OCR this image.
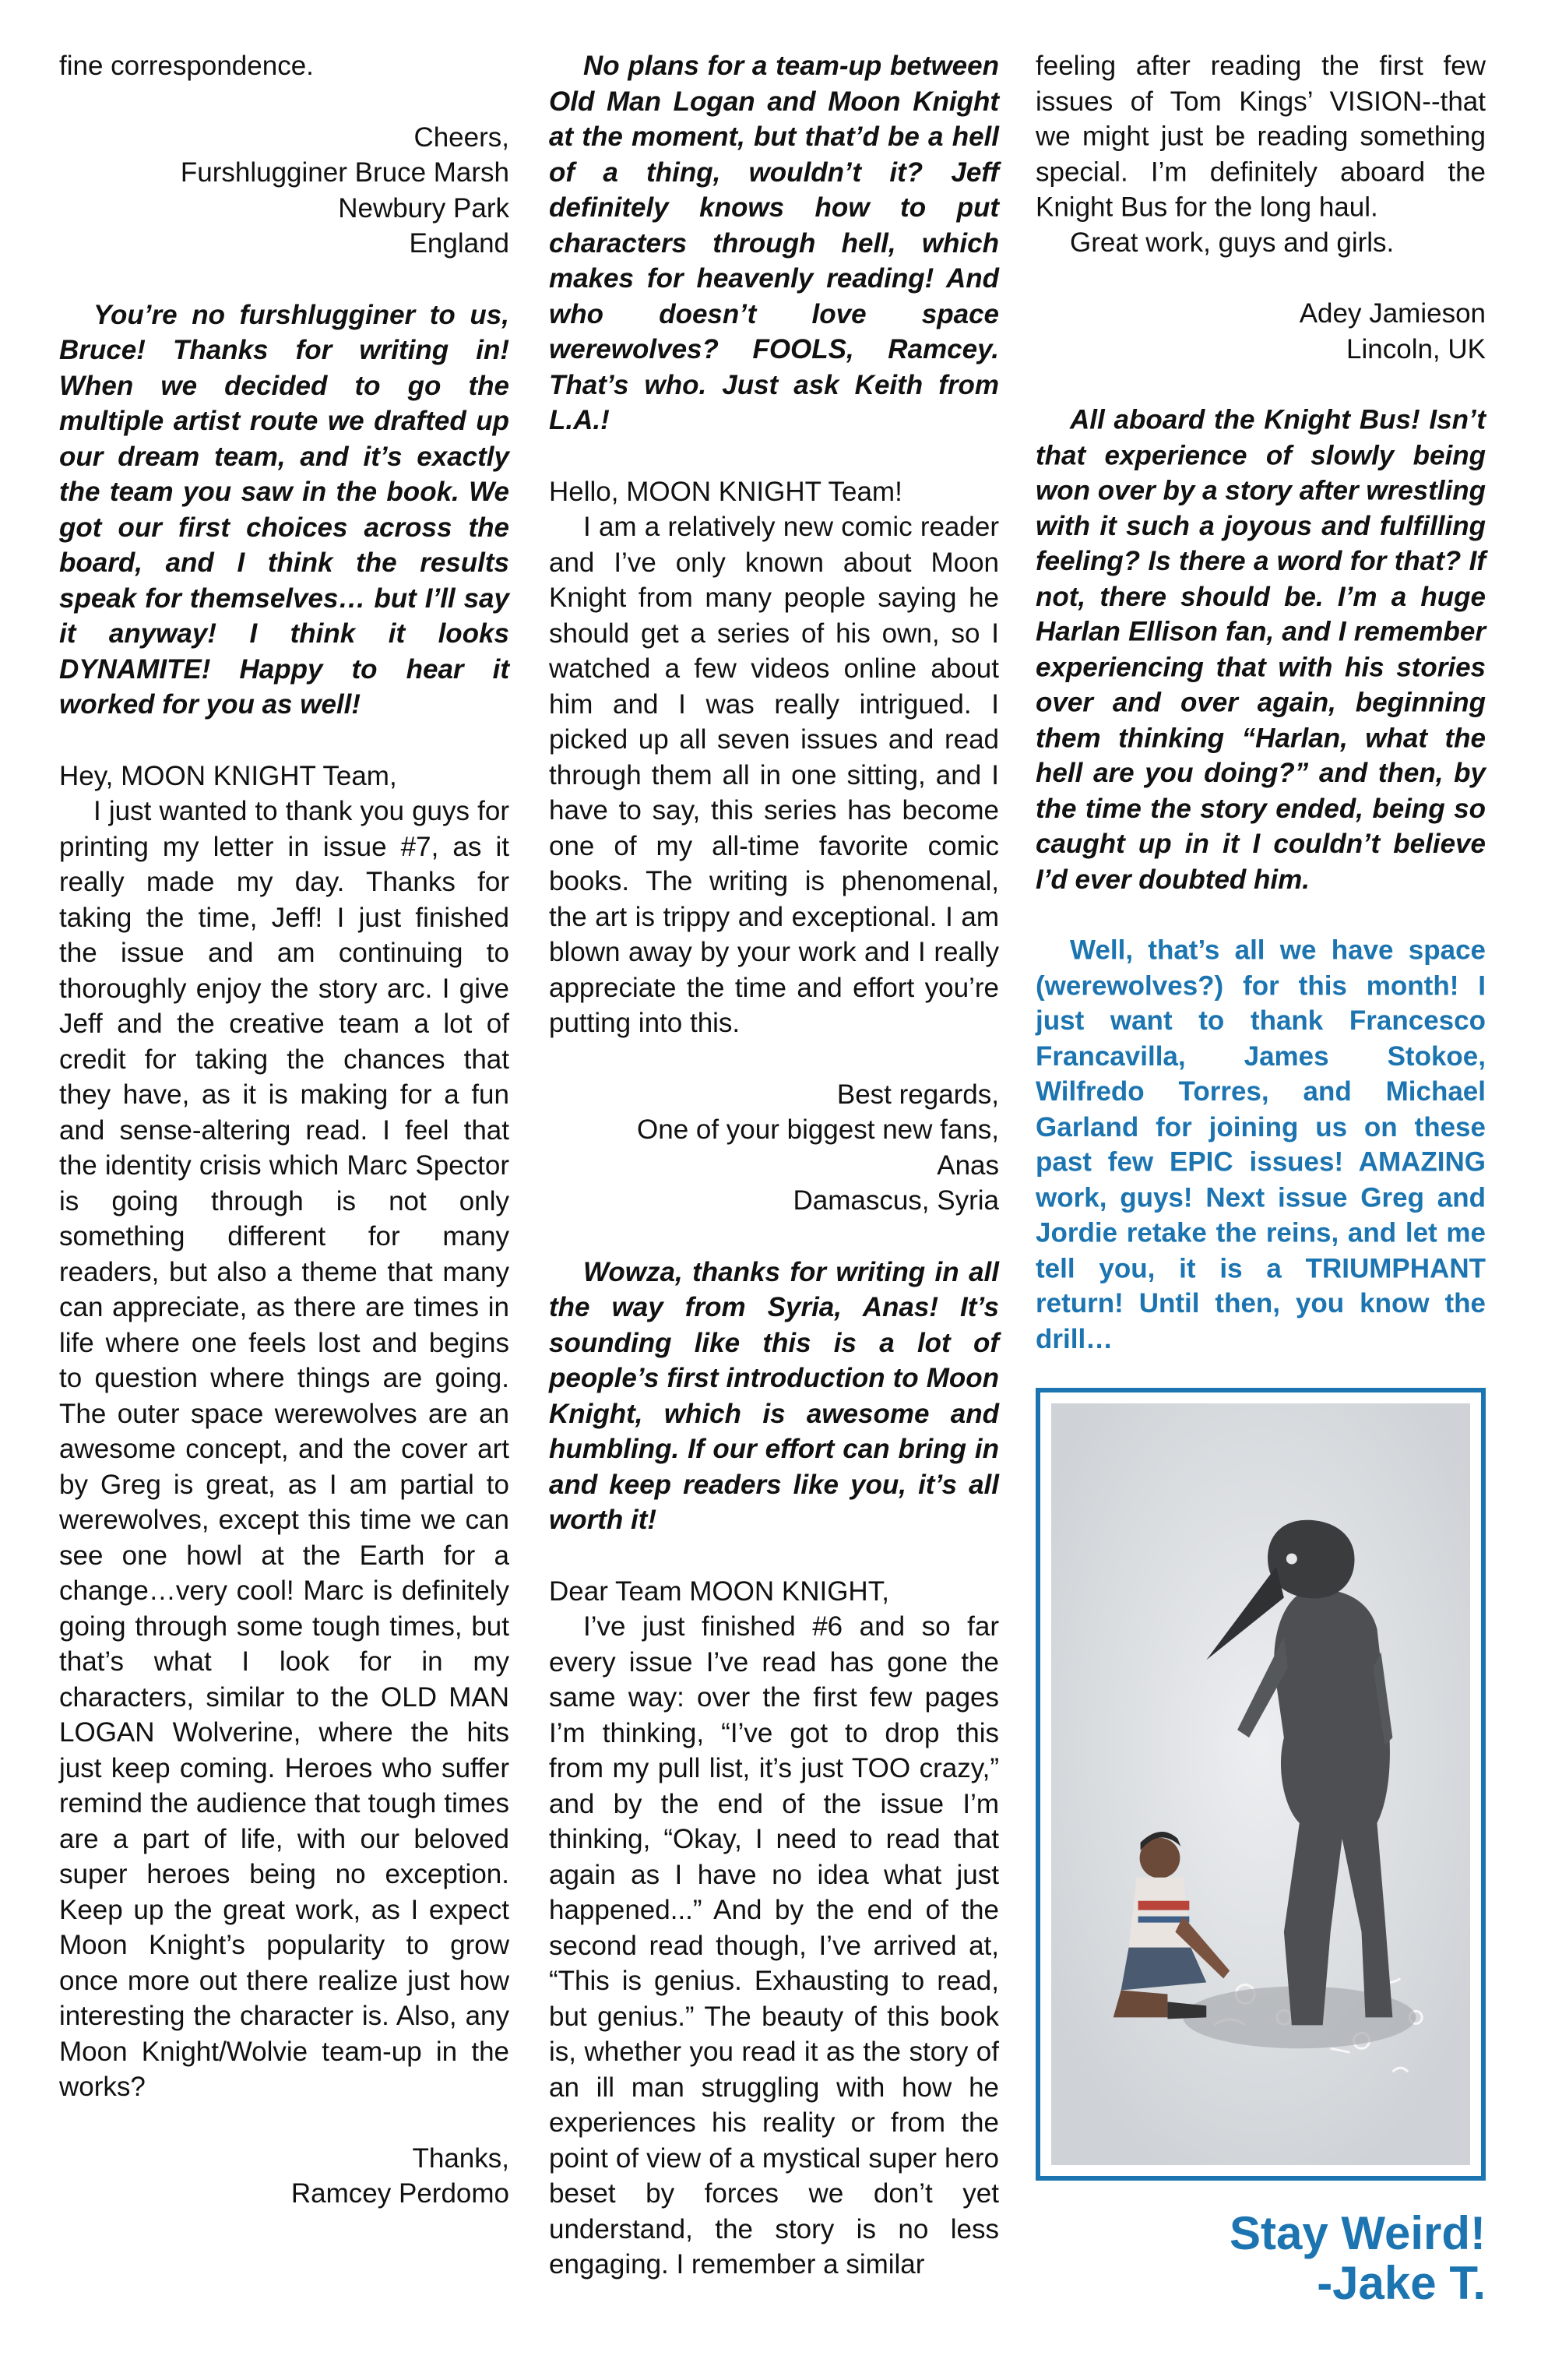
fine correspondence.

Cheers,

Furshlugginer Bruce Marsh

Newbury Park

England

You’re no furshlugginer to us, Bruce! Thanks for writing in! When we decided to go the multiple artist route we drafted up our dream team, and it’s exactly the team you saw in the book. We got our first choices across the board, and I think the results speak for themselves… but I’ll say it anyway! I think it looks DYNAMITE! Happy to hear it worked for you as well!

Hey, MOON KNIGHT Team,

I just wanted to thank you guys for printing my letter in issue #7, as it really made my day. Thanks for taking the time, Jeff! I just finished the issue and am continuing to thoroughly enjoy the story arc. I give Jeff and the creative team a lot of credit for taking the chances that they have, as it is making for a fun and sense-altering read. I feel that the identity crisis which Marc Spector is going through is not only something different for many readers, but also a theme that many can appreciate, as there are times in life where one feels lost and begins to question where things are going. The outer space werewolves are an awesome concept, and the cover art by Greg is great, as I am partial to werewolves, except this time we can see one howl at the Earth for a change…very cool! Marc is definitely going through some tough times, but that’s what I look for in my characters, similar to the OLD MAN LOGAN Wolverine, where the hits just keep coming. Heroes who suffer remind the audience that tough times are a part of life, with our beloved super heroes being no exception. Keep up the great work, as I expect Moon Knight’s popularity to grow once more out there realize just how interesting the character is. Also, any Moon Knight/Wolvie team-up in the works?

Thanks,

Ramcey Perdomo

No plans for a team-up between Old Man Logan and Moon Knight at the moment, but that’d be a hell of a thing, wouldn’t it? Jeff definitely knows how to put characters through hell, which makes for heavenly reading! And who doesn’t love space werewolves? FOOLS, Ramcey. That’s who. Just ask Keith from L.A.!

Hello, MOON KNIGHT Team!

I am a relatively new comic reader and I’ve only known about Moon Knight from many people saying he should get a series of his own, so I watched a few videos online about him and I was really intrigued. I picked up all seven issues and read through them all in one sitting, and I have to say, this series has become one of my all-time favorite comic books. The writing is phenomenal, the art is trippy and exceptional. I am blown away by your work and I really appreciate the time and effort you’re putting into this.

Best regards,

One of your biggest new fans,

Anas

Damascus, Syria

Wowza, thanks for writing in all the way from Syria, Anas! It’s sounding like this is a lot of people’s first introduction to Moon Knight, which is awesome and humbling. If our effort can bring in and keep readers like you, it’s all worth it!

Dear Team MOON KNIGHT,

I’ve just finished #6 and so far every issue I’ve read has gone the same way: over the first few pages I’m thinking, “I’ve got to drop this from my pull list, it’s just TOO crazy,” and by the end of the issue I’m thinking, “Okay, I need to read that again as I have no idea what just happened...” And by the end of the second read though, I’ve arrived at, “This is genius. Exhausting to read, but genius.” The beauty of this book is, whether you read it as the story of an ill man struggling with how he experiences his reality or from the point of view of a mystical super hero beset by forces we don’t yet understand, the story is no less engaging. I remember a similar

feeling after reading the first few issues of Tom Kings’ VISION--that we might just be reading something special. I’m definitely aboard the Knight Bus for the long haul.

Great work, guys and girls.

Adey Jamieson

Lincoln, UK

All aboard the Knight Bus! Isn’t that experience of slowly being won over by a story after wrestling with it such a joyous and fulfilling feeling? Is there a word for that? If not, there should be. I’m a huge Harlan Ellison fan, and I remember experiencing that with his stories over and over again, beginning them thinking “Harlan, what the hell are you doing?” and then, by the time the story ended, being so caught up in it I couldn’t believe I’d ever doubted him.

Well, that’s all we have space (werewolves?) for this month! I just want to thank Francesco Francavilla, James Stokoe, Wilfredo Torres, and Michael Garland for joining us on these past few EPIC issues! AMAZING work, guys! Next issue Greg and Jordie retake the reins, and let me tell you, it is a TRIUMPHANT return! Until then, you know the drill…

Stay Weird!
-Jake T.
